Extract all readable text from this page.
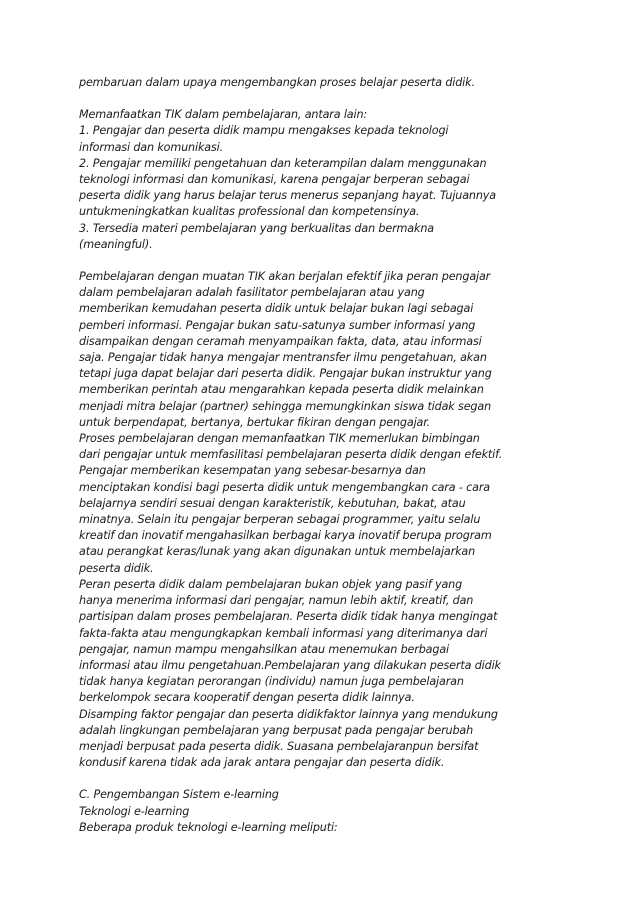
pembaruan dalam upaya mengembangkan proses belajar peserta didik.
Memanfaatkan TIK dalam pembelajaran, antara lain:
1. Pengajar dan peserta didik mampu mengakses kepada teknologi
informasi dan komunikasi.
2. Pengajar memiliki pengetahuan dan keterampilan dalam menggunakan
teknologi informasi dan komunikasi, karena pengajar berperan sebagai
peserta didik yang harus belajar terus menerus sepanjang hayat. Tujuannya
untukmeningkatkan kualitas professional dan kompetensinya.
3. Tersedia materi pembelajaran yang berkualitas dan bermakna
(meaningful).
Pembelajaran dengan muatan TIK akan berjalan efektif jika peran pengajar
dalam pembelajaran adalah fasilitator pembelajaran atau yang
memberikan kemudahan peserta didik untuk belajar bukan lagi sebagai
pemberi informasi. Pengajar bukan satu-satunya sumber informasi yang
disampaikan dengan ceramah menyampaikan fakta, data, atau informasi
saja. Pengajar tidak hanya mengajar mentransfer ilmu pengetahuan, akan
tetapi juga dapat belajar dari peserta didik. Pengajar bukan instruktur yang
memberikan perintah atau mengarahkan kepada peserta didik melainkan
menjadi mitra belajar (partner) sehingga memungkinkan siswa tidak segan
untuk berpendapat, bertanya, bertukar fikiran dengan pengajar.
Proses pembelajaran dengan memanfaatkan TIK memerlukan bimbingan
dari pengajar untuk memfasilitasi pembelajaran peserta didik dengan efektif.
Pengajar memberikan kesempatan yang sebesar-besarnya dan
menciptakan kondisi bagi peserta didik untuk mengembangkan cara - cara
belajarnya sendiri sesuai dengan karakteristik, kebutuhan, bakat, atau
minatnya. Selain itu pengajar berperan sebagai programmer, yaitu selalu
kreatif dan inovatif mengahasilkan berbagai karya inovatif berupa program
atau perangkat keras/lunak yang akan digunakan untuk membelajarkan
peserta didik.
Peran peserta didik dalam pembelajaran bukan objek yang pasif yang
hanya menerima informasi dari pengajar, namun lebih aktif, kreatif, dan
partisipan dalam proses pembelajaran. Peserta didik tidak hanya mengingat
fakta-fakta atau mengungkapkan kembali informasi yang diterimanya dari
pengajar, namun mampu mengahsilkan atau menemukan berbagai
informasi atau ilmu pengetahuan.Pembelajaran yang dilakukan peserta didik
tidak hanya kegiatan perorangan (individu) namun juga pembelajaran
berkelompok secara kooperatif dengan peserta didik lainnya.
Disamping faktor pengajar dan peserta didikfaktor lainnya yang mendukung
adalah lingkungan pembelajaran yang berpusat pada pengajar berubah
menjadi berpusat pada peserta didik. Suasana pembelajaranpun bersifat
kondusif karena tidak ada jarak antara pengajar dan peserta didik.
C. Pengembangan Sistem e-learning
Teknologi e-learning
Beberapa produk teknologi e-learning meliputi:
